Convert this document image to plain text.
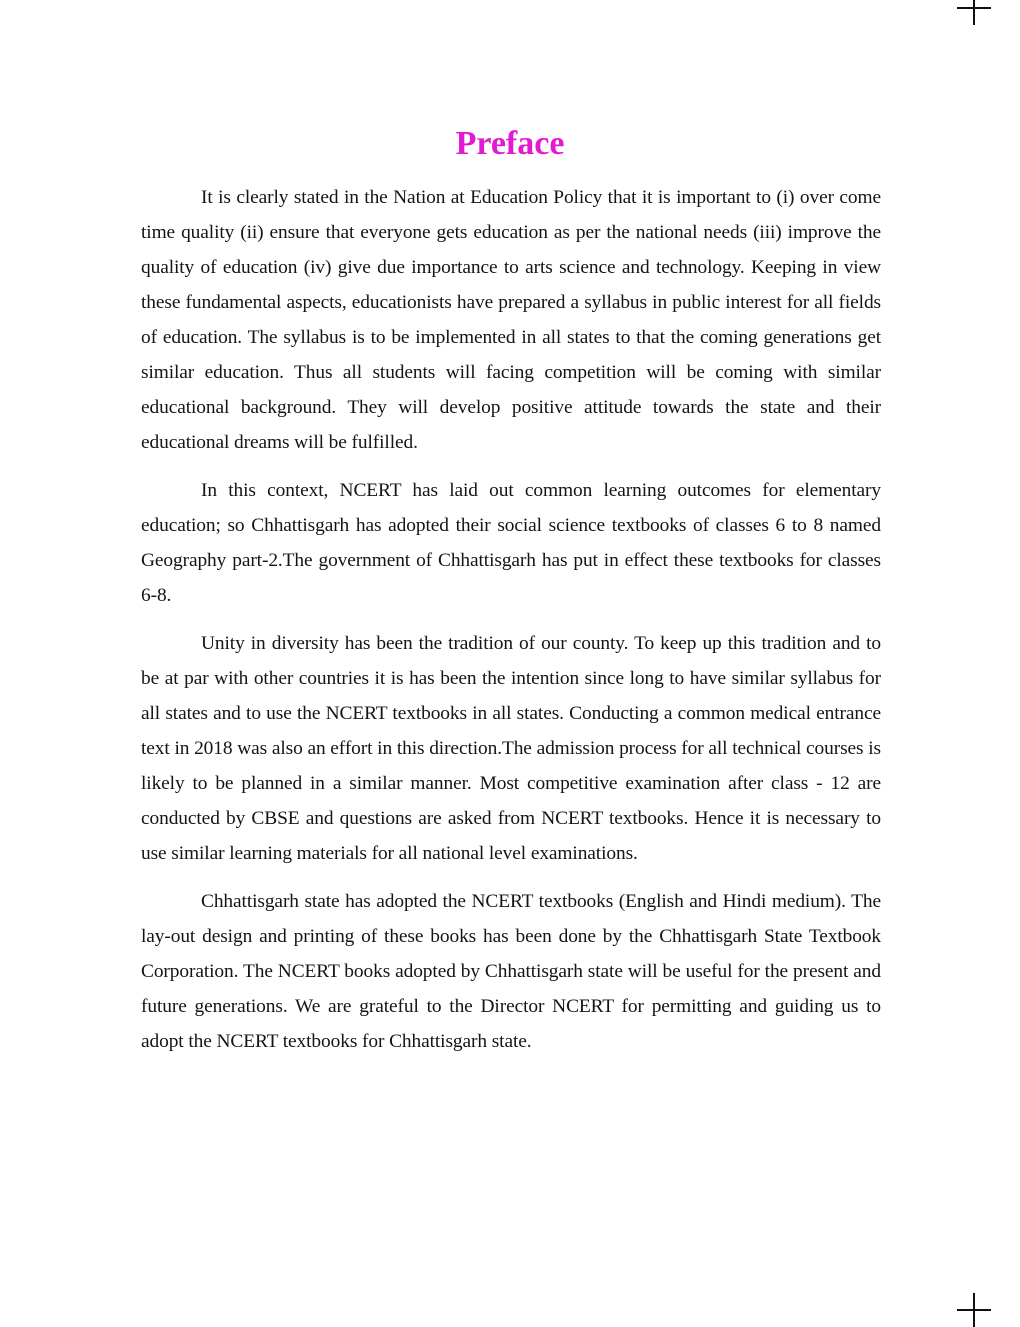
Preface

It is clearly stated in the Nation at Education Policy that it is important to (i) over come time quality (ii) ensure that everyone gets education as per the national needs (iii) improve the quality of education (iv) give due importance to arts science and technology. Keeping in view these fundamental aspects, educationists have prepared a syllabus in public interest for all fields of education. The syllabus is to be implemented in all states to that the coming generations get similar education. Thus all students will facing competition will be coming with similar educational background. They will develop positive attitude towards the state and their educational dreams will be fulfilled.

In this context, NCERT has laid out common learning outcomes for elementary education; so Chhattisgarh has adopted their social science textbooks of classes 6 to 8 named Geography part-2.The government of Chhattisgarh has put in effect these textbooks for classes 6-8.

Unity in diversity has been the tradition of our county. To keep up this tradition and to be at par with other countries it is has been the intention since long to have similar syllabus for all states and to use the NCERT textbooks in all states. Conducting a common medical entrance text in 2018 was also an effort in this direction.The admission process for all technical courses is likely to be planned in a similar manner. Most competitive examination after class - 12 are conducted by CBSE and questions are asked from NCERT textbooks. Hence it is necessary to use similar learning materials for all national level examinations.

Chhattisgarh state has adopted the NCERT textbooks (English and Hindi medium). The lay-out design and printing of these books has been done by the Chhattisgarh State Textbook Corporation. The NCERT books adopted by Chhattisgarh state will be useful for the present and future generations. We are grateful to the Director NCERT for permitting and guiding us to adopt the NCERT textbooks for Chhattisgarh state.
